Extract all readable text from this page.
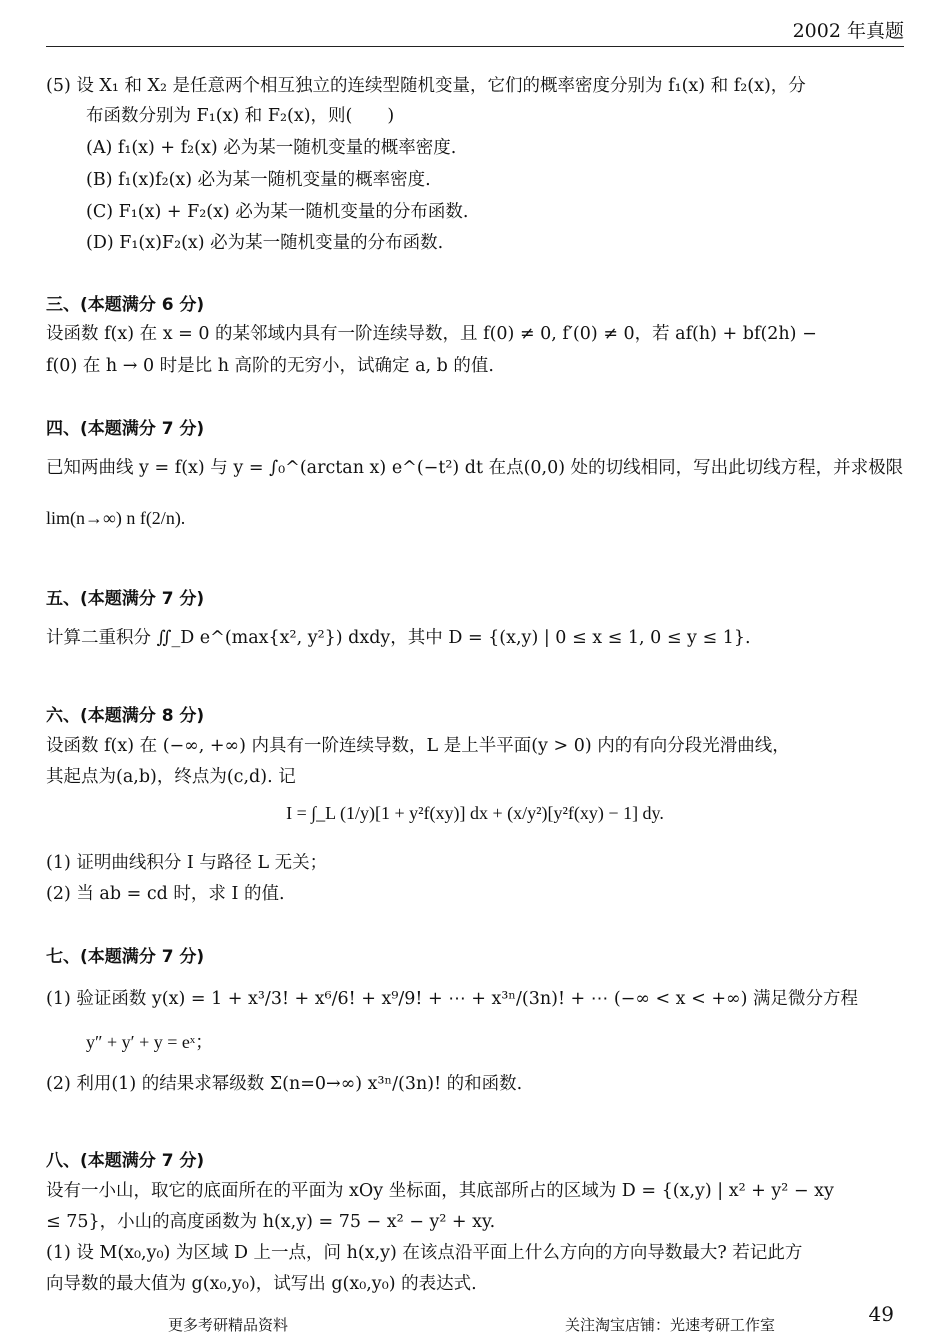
2002 年真题
(5) 设 X₁ 和 X₂ 是任意两个相互独立的连续型随机变量，它们的概率密度分别为 f₁(x) 和 f₂(x)，分
布函数分别为 F₁(x) 和 F₂(x)，则(　　)
(A) f₁(x) + f₂(x) 必为某一随机变量的概率密度.
(B) f₁(x)f₂(x) 必为某一随机变量的概率密度.
(C) F₁(x) + F₂(x) 必为某一随机变量的分布函数.
(D) F₁(x)F₂(x) 必为某一随机变量的分布函数.
三、(本题满分 6 分)
设函数 f(x) 在 x = 0 的某邻域内具有一阶连续导数，且 f(0) ≠ 0, f′(0) ≠ 0，若 af(h) + bf(2h) −
f(0) 在 h → 0 时是比 h 高阶的无穷小，试确定 a, b 的值.
四、(本题满分 7 分)
已知两曲线 y = f(x) 与 y = ∫₀^(arctan x) e^(−t²) dt 在点(0,0) 处的切线相同，写出此切线方程，并求极限
lim(n→∞) n f(2/n).
五、(本题满分 7 分)
计算二重积分 ∬_D e^(max{x², y²}) dxdy，其中 D = {(x,y) | 0 ≤ x ≤ 1, 0 ≤ y ≤ 1}.
六、(本题满分 8 分)
设函数 f(x) 在 (−∞, +∞) 内具有一阶连续导数，L 是上半平面(y > 0) 内的有向分段光滑曲线，
其起点为(a,b)，终点为(c,d). 记
I = ∫_L (1/y)[1 + y²f(xy)] dx + (x/y²)[y²f(xy) − 1] dy.
(1) 证明曲线积分 I 与路径 L 无关；
(2) 当 ab = cd 时，求 I 的值.
七、(本题满分 7 分)
(1) 验证函数 y(x) = 1 + x³/3! + x⁶/6! + x⁹/9! + ⋯ + x³ⁿ/(3n)! + ⋯ (−∞ < x < +∞) 满足微分方程
y″ + y′ + y = eˣ；
(2) 利用(1) 的结果求幂级数 Σ(n=0→∞) x³ⁿ/(3n)! 的和函数.
八、(本题满分 7 分)
设有一小山，取它的底面所在的平面为 xOy 坐标面，其底部所占的区域为 D = {(x,y) | x² + y² − xy
≤ 75}，小山的高度函数为 h(x,y) = 75 − x² − y² + xy.
(1) 设 M(x₀,y₀) 为区域 D 上一点，问 h(x,y) 在该点沿平面上什么方向的方向导数最大? 若记此方
向导数的最大值为 g(x₀,y₀)，试写出 g(x₀,y₀) 的表达式.
更多考研精品资料	关注淘宝店铺：光速考研工作室	49
